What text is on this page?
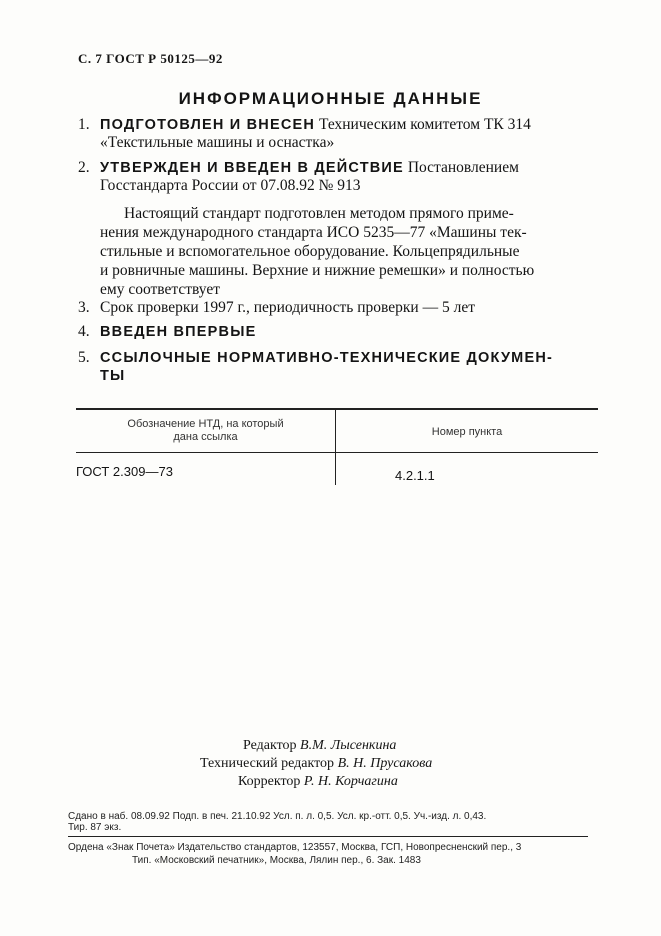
С. 7 ГОСТ Р 50125—92
ИНФОРМАЦИОННЫЕ ДАННЫЕ
1. ПОДГОТОВЛЕН И ВНЕСЕН Техническим комитетом ТК 314
«Текстильные машины и оснастка»
2. УТВЕРЖДЕН И ВВЕДЕН В ДЕЙСТВИЕ Постановлением
Госстандарта России от 07.08.92 № 913
Настоящий стандарт подготовлен методом прямого приме-
нения международного стандарта ИСО 5235—77 «Машины тек-
стильные и вспомогательное оборудование. Кольцепрядильные
и ровничные машины. Верхние и нижние ремешки» и полностью
ему соответствует
3. Срок проверки 1997 г., периодичность проверки — 5 лет
4. ВВЕДЕН ВПЕРВЫЕ
5. ССЫЛОЧНЫЕ НОРМАТИВНО-ТЕХНИЧЕСКИЕ ДОКУМЕН-
ТЫ
Обозначение НТД, на который
дана ссылка	Номер пункта
ГОСТ 2.309—73	4.2.1.1
Редактор В.М. Лысенкина
Технический редактор В. Н. Прусакова
Корректор Р. Н. Корчагина
Сдано в наб. 08.09.92 Подп. в печ. 21.10.92 Усл. п. л. 0,5. Усл. кр.-отт. 0,5. Уч.-изд. л. 0,43.
Тир. 87 экз.
Ордена «Знак Почета» Издательство стандартов, 123557, Москва, ГСП, Новопресненский пер., 3
Тип. «Московский печатник», Москва, Лялин пер., 6. Зак. 1483
